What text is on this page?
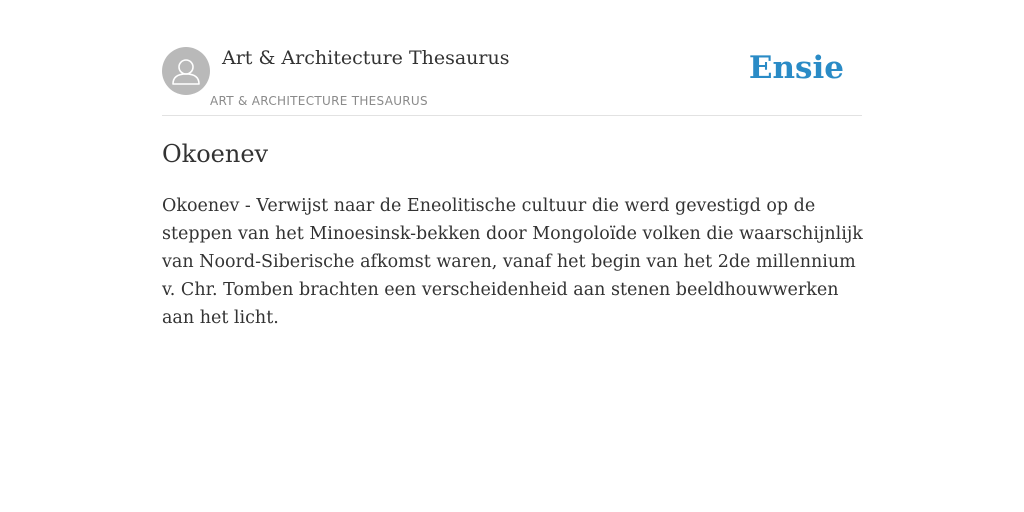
Art & Architecture Thesaurus
ART & ARCHITECTURE THESAURUS
Ensie
Okoenev

Okoenev - Verwijst naar de Eneolitische cultuur die werd gevestigd op de steppen van het Minoesinsk-bekken door Mongoloïde volken die waarschijnlijk van Noord-Siberische afkomst waren, vanaf het begin van het 2de millennium v. Chr. Tomben brachten een verscheidenheid aan stenen beeldhouwwerken aan het licht.
